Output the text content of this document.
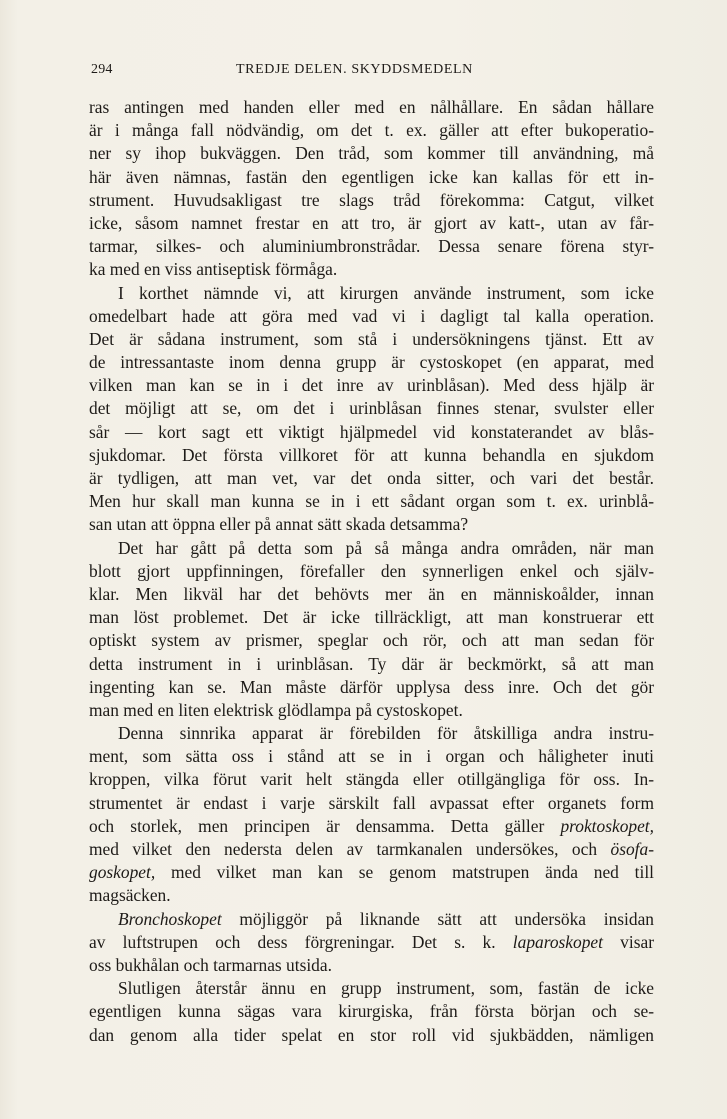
294	TREDJE DELEN. SKYDDSMEDELN
ras antingen med handen eller med en nålhållare. En sådan hållare
är i många fall nödvändig, om det t. ex. gäller att efter bukoperatio-
ner sy ihop bukväggen. Den tråd, som kommer till användning, må
här även nämnas, fastän den egentligen icke kan kallas för ett in-
strument. Huvudsakligast tre slags tråd förekomma: Catgut, vilket
icke, såsom namnet frestar en att tro, är gjort av katt-, utan av får-
tarmar, silkes- och aluminiumbronstrådar. Dessa senare förena styr-
ka med en viss antiseptisk förmåga.
I korthet nämnde vi, att kirurgen använde instrument, som icke
omedelbart hade att göra med vad vi i dagligt tal kalla operation.
Det är sådana instrument, som stå i undersökningens tjänst. Ett av
de intressantaste inom denna grupp är cystoskopet (en apparat, med
vilken man kan se in i det inre av urinblåsan). Med dess hjälp är
det möjligt att se, om det i urinblåsan finnes stenar, svulster eller
sår — kort sagt ett viktigt hjälpmedel vid konstaterandet av blås-
sjukdomar. Det första villkoret för att kunna behandla en sjukdom
är tydligen, att man vet, var det onda sitter, och vari det består.
Men hur skall man kunna se in i ett sådant organ som t. ex. urinblå-
san utan att öppna eller på annat sätt skada detsamma?
Det har gått på detta som på så många andra områden, när man
blott gjort uppfinningen, förefaller den synnerligen enkel och själv-
klar. Men likväl har det behövts mer än en människoålder, innan
man löst problemet. Det är icke tillräckligt, att man konstruerar ett
optiskt system av prismer, speglar och rör, och att man sedan för
detta instrument in i urinblåsan. Ty där är beckmörkt, så att man
ingenting kan se. Man måste därför upplysa dess inre. Och det gör
man med en liten elektrisk glödlampa på cystoskopet.
Denna sinnrika apparat är förebilden för åtskilliga andra instru-
ment, som sätta oss i stånd att se in i organ och håligheter inuti
kroppen, vilka förut varit helt stängda eller otillgängliga för oss. In-
strumentet är endast i varje särskilt fall avpassat efter organets form
och storlek, men principen är densamma. Detta gäller proktoskopet,
med vilket den nedersta delen av tarmkanalen undersökes, och ösofa-
goskopet, med vilket man kan se genom matstrupen ända ned till
magsäcken.
Bronchoskopet möjliggör på liknande sätt att undersöka insidan
av luftstrupen och dess förgreningar. Det s. k. laparoskopet visar
oss bukhålan och tarmarnas utsida.
Slutligen återstår ännu en grupp instrument, som, fastän de icke
egentligen kunna sägas vara kirurgiska, från första början och se-
dan genom alla tider spelat en stor roll vid sjukbädden, nämligen
